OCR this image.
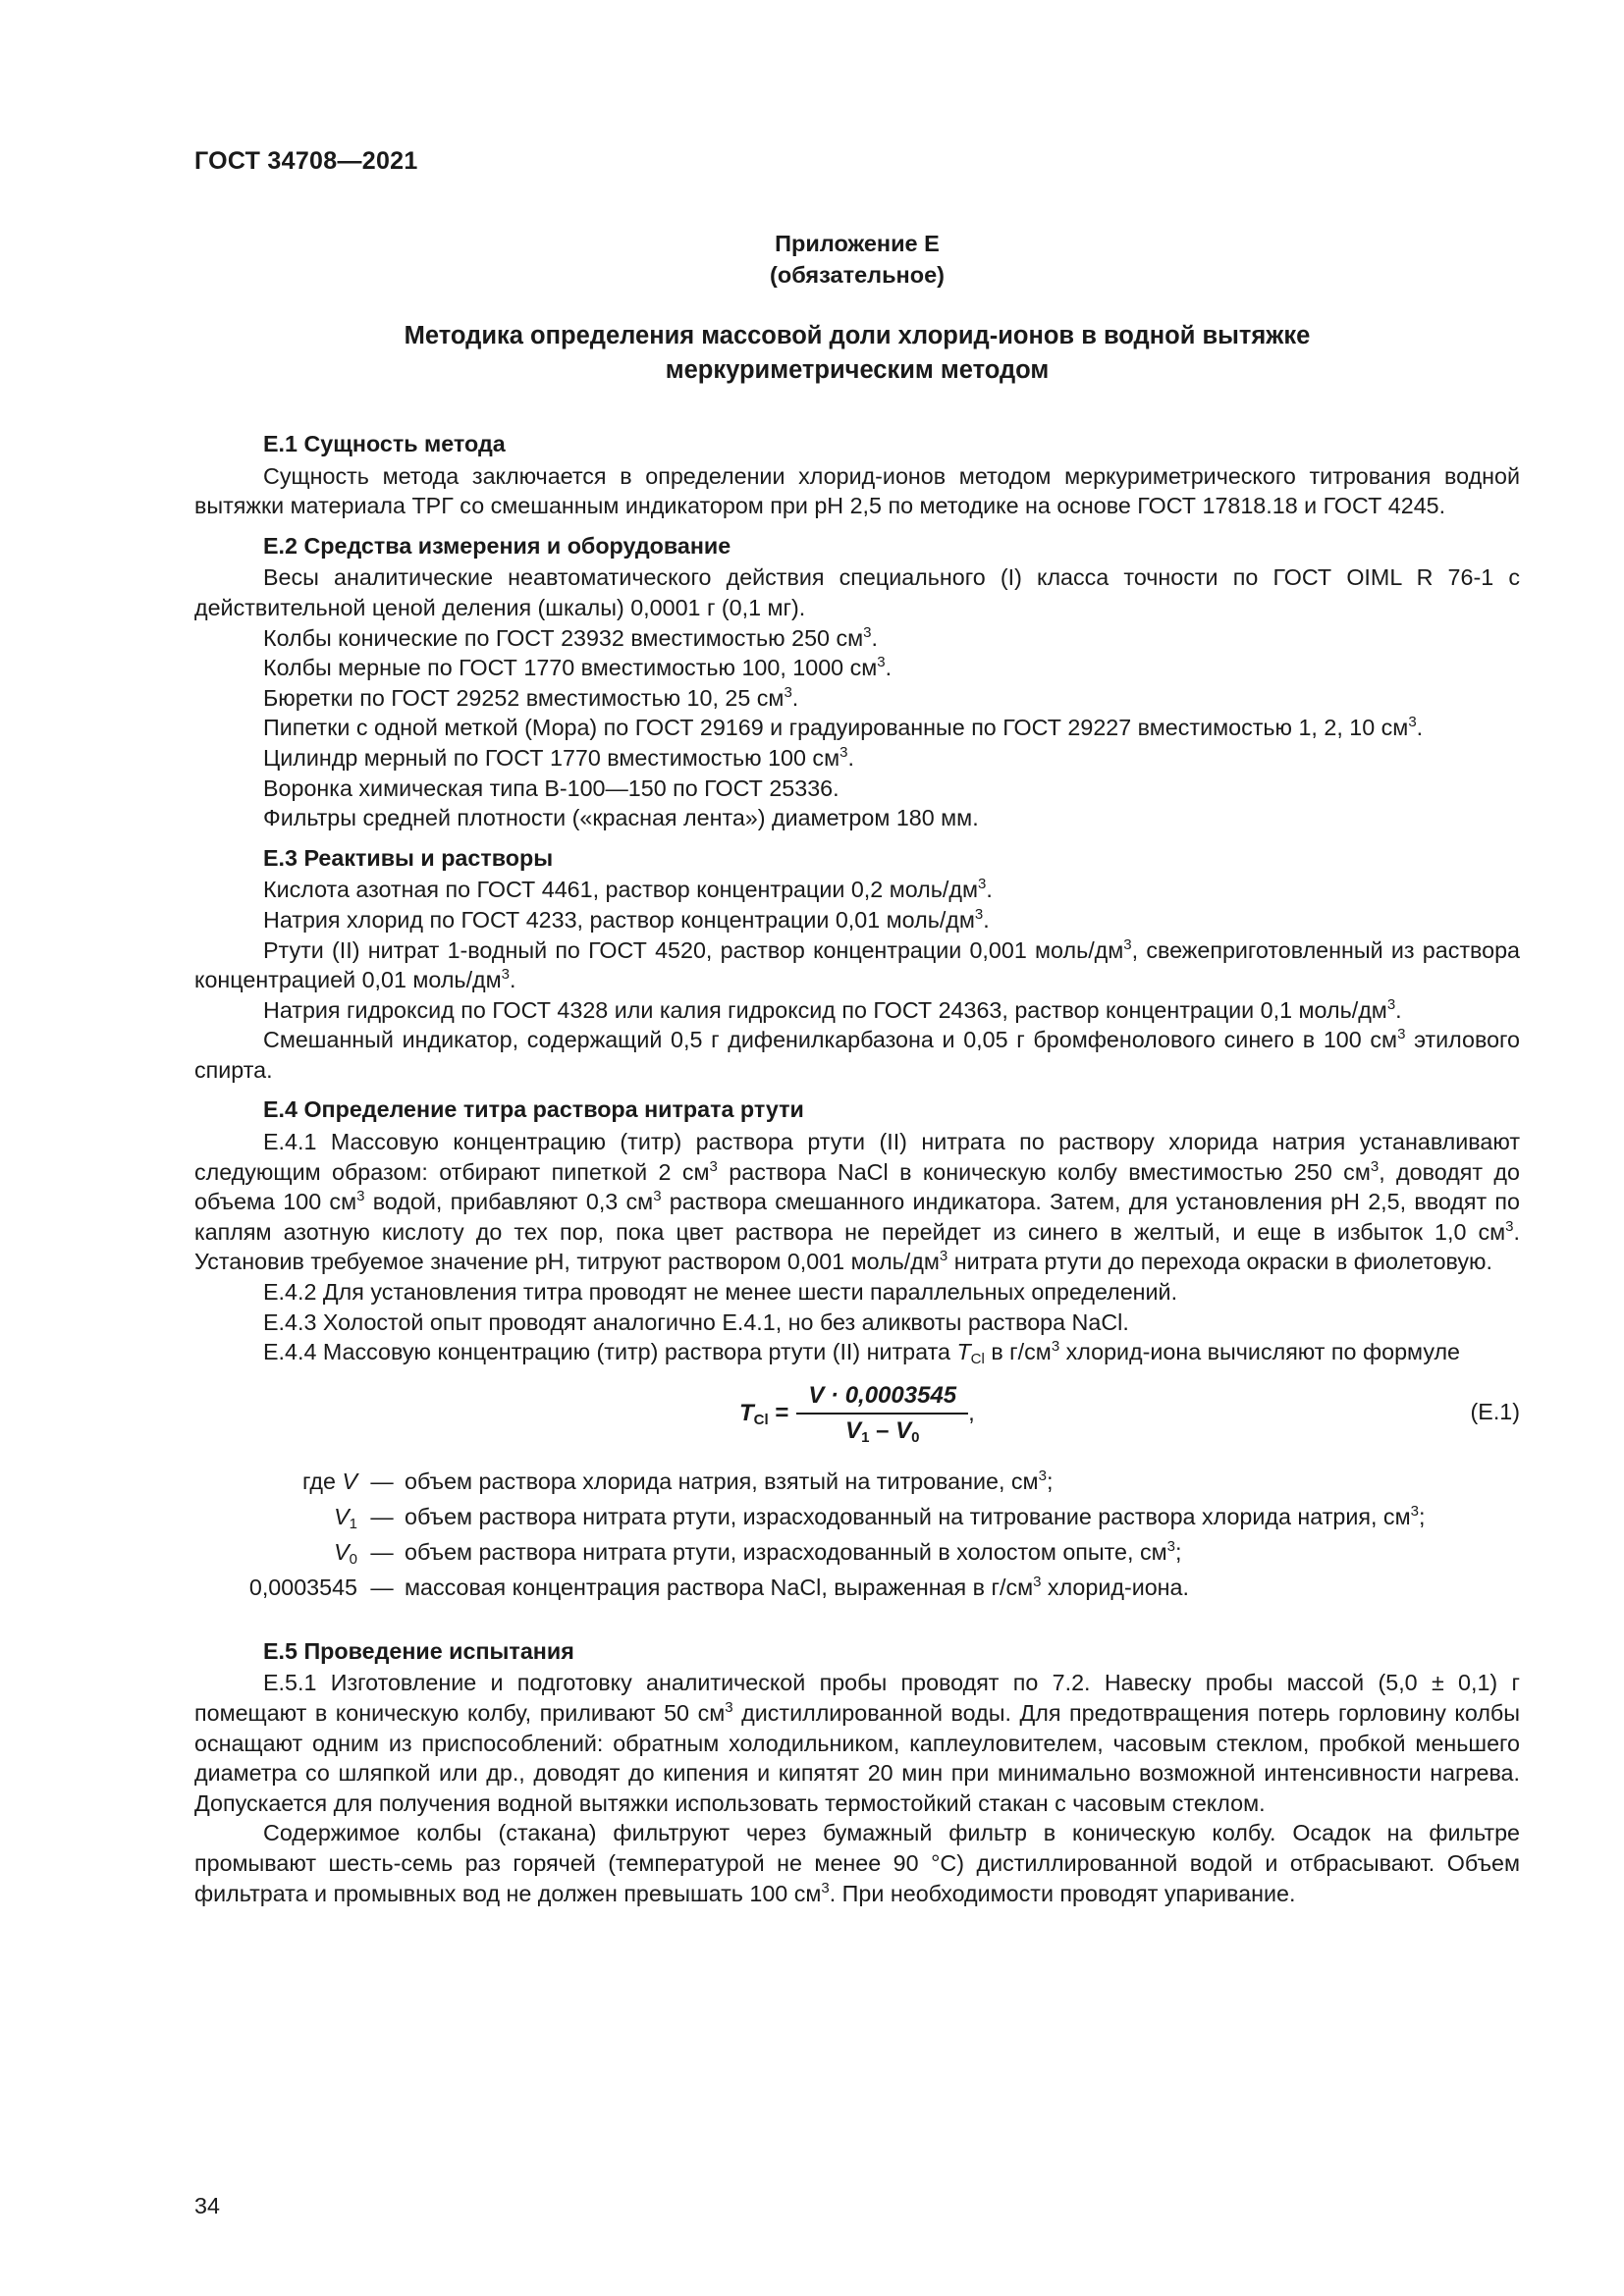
ГОСТ 34708—2021
Приложение Е
(обязательное)
Методика определения массовой доли хлорид-ионов в водной вытяжке
меркуриметрическим методом
Е.1 Сущность метода

Сущность метода заключается в определении хлорид-ионов методом меркуриметрического титрования водной вытяжки материала ТРГ со смешанным индикатором при рН 2,5 по методике на основе ГОСТ 17818.18 и ГОСТ 4245.

Е.2 Средства измерения и оборудование

Весы аналитические неавтоматического действия специального (I) класса точности по ГОСТ OIML R 76-1 с действительной ценой деления (шкалы) 0,0001 г (0,1 мг).

Колбы конические по ГОСТ 23932 вместимостью 250 $см^3$.

Колбы мерные по ГОСТ 1770 вместимостью 100, 1000 $см^3$.

Бюретки по ГОСТ 29252 вместимостью 10, 25 $см^3$.

Пипетки с одной меткой (Мора) по ГОСТ 29169 и градуированные по ГОСТ 29227 вместимостью 1, 2, 10 $см^3$.

Цилиндр мерный по ГОСТ 1770 вместимостью 100 $см^3$.

Воронка химическая типа В-100—150 по ГОСТ 25336.

Фильтры средней плотности («красная лента») диаметром 180 мм.

Е.3 Реактивы и растворы

Кислота азотная по ГОСТ 4461, раствор концентрации 0,2 моль/$дм^3$.

Натрия хлорид по ГОСТ 4233, раствор концентрации 0,01 моль/$дм^3$.

Ртути (II) нитрат 1-водный по ГОСТ 4520, раствор концентрации 0,001 моль/$дм^3$, свежеприготовленный из раствора концентрацией 0,01 моль/$дм^3$.

Натрия гидроксид по ГОСТ 4328 или калия гидроксид по ГОСТ 24363, раствор концентрации 0,1 моль/$дм^3$.

Смешанный индикатор, содержащий 0,5 г дифенилкарбазона и 0,05 г бромфенолового синего в 100 $см^3$ этилового спирта.

Е.4 Определение титра раствора нитрата ртути

Е.4.1 Массовую концентрацию (титр) раствора ртути (II) нитрата по раствору хлорида натрия устанавливают следующим образом: отбирают пипеткой 2 $см^3$ раствора NaCl в коническую колбу вместимостью 250 $см^3$, доводят до объема 100 $см^3$ водой, прибавляют 0,3 $см^3$ раствора смешанного индикатора. Затем, для установления рН 2,5, вводят по каплям азотную кислоту до тех пор, пока цвет раствора не перейдет из синего в желтый, и еще в избыток 1,0 $см^3$. Установив требуемое значение рН, титруют раствором 0,001 моль/$дм^3$ нитрата ртути до перехода окраски в фиолетовую.

Е.4.2 Для установления титра проводят не менее шести параллельных определений.

Е.4.3 Холостой опыт проводят аналогично Е.4.1, но без аликвоты раствора NaCl.

Е.4.4 Массовую концентрацию (титр) раствора ртути (II) нитрата $T_{Cl}$ в $г/см^3$ хлорид-иона вычисляют по формуле

$T_{Cl} = \frac{V \cdot 0,0003545}{V_1 - V_0}$ ,	(Е.1)
где V — объем раствора хлорида натрия, взятый на титрование, $см^3$;
$V_1$ — объем раствора нитрата ртути, израсходованный на титрование раствора хлорида натрия, $см^3$;
$V_0$ — объем раствора нитрата ртути, израсходованный в холостом опыте, $см^3$;
0,0003545 — массовая концентрация раствора NaCl, выраженная в $г/см^3$ хлорид-иона.
Е.5 Проведение испытания

Е.5.1 Изготовление и подготовку аналитической пробы проводят по 7.2. Навеску пробы массой (5,0 ± 0,1) г помещают в коническую колбу, приливают 50 $см^3$ дистиллированной воды. Для предотвращения потерь горловину колбы оснащают одним из приспособлений: обратным холодильником, каплеуловителем, часовым стеклом, пробкой меньшего диаметра со шляпкой или др., доводят до кипения и кипятят 20 мин при минимально возможной интенсивности нагрева. Допускается для получения водной вытяжки использовать термостойкий стакан с часовым стеклом.

Содержимое колбы (стакана) фильтруют через бумажный фильтр в коническую колбу. Осадок на фильтре промывают шесть-семь раз горячей (температурой не менее 90 °С) дистиллированной водой и отбрасывают. Объем фильтрата и промывных вод не должен превышать 100 $см^3$. При необходимости проводят упаривание.

34
